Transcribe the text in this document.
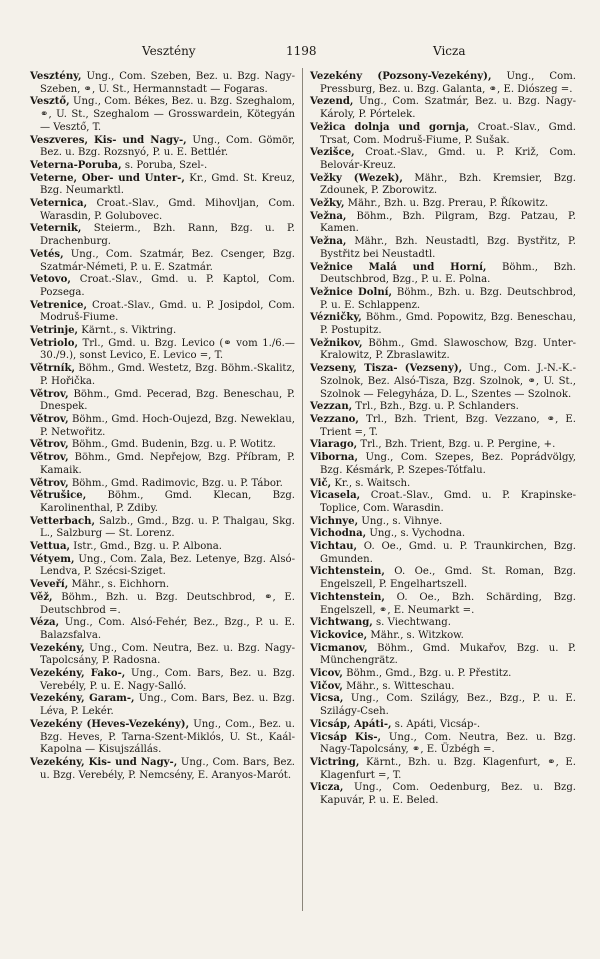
Vesztény	1198	Vicza

Vesztény, Ung., Com. Szeben, Bez. u. Bzg. Nagy-Szeben, ⚭, U. St., Hermannstadt — Fogaras.

Vesztő, Ung., Com. Békes, Bez. u. Bzg. Szeghalom, ⚭, U. St., Szeghalom — Grosswardein, Kötegyán — Vesztő, T.

Veszveres, Kis- und Nagy-, Ung., Com. Gömör, Bez. u. Bzg. Rozsnyó, P. u. E. Bettlér.

Veterna-Poruba, s. Poruba, Szel-.

Veterne, Ober- und Unter-, Kr., Gmd. St. Kreuz, Bzg. Neumarktl.

Veternica, Croat.-Slav., Gmd. Mihovljan, Com. Warasdin, P. Golubovec.

Veternik, Steierm., Bzh. Rann, Bzg. u. P. Drachenburg.

Vetés, Ung., Com. Szatmár, Bez. Csenger, Bzg. Szatmár-Németi, P. u. E. Szatmár.

Vetovo, Croat.-Slav., Gmd. u. P. Kaptol, Com. Pozsega.

Vetrenice, Croat.-Slav., Gmd. u. P. Josipdol, Com. Modruš-Fiume.

Vetrinje, Kärnt., s. Viktring.

Vetriolo, Trl., Gmd. u. Bzg. Levico (⚭ vom 1./6.—30./9.), sonst Levico, E. Levico =, T.

Větrník, Böhm., Gmd. Westetz, Bzg. Böhm.-Skalitz, P. Hořička.

Větrov, Böhm., Gmd. Pecerad, Bzg. Beneschau, P. Dnespek.

Větrov, Böhm., Gmd. Hoch-Oujezd, Bzg. Neweklau, P. Netwořitz.

Větrov, Böhm., Gmd. Budenin, Bzg. u. P. Wotitz.

Větrov, Böhm., Gmd. Nepřejow, Bzg. Příbram, P. Kamaik.

Větrov, Böhm., Gmd. Radimovic, Bzg. u. P. Tábor.

Větrušice, Böhm., Gmd. Klecan, Bzg. Karolinenthal, P. Zdiby.

Vetterbach, Salzb., Gmd., Bzg. u. P. Thalgau, Skg. L., Salzburg — St. Lorenz.

Vettua, Istr., Gmd., Bzg. u. P. Albona.

Vétyem, Ung., Com. Zala, Bez. Letenye, Bzg. Alsó-Lendva, P. Szécsi-Sziget.

Veveří, Mähr., s. Eichhorn.

Věž, Böhm., Bzh. u. Bzg. Deutschbrod, ⚭, E. Deutschbrod =.

Véza, Ung., Com. Alsó-Fehér, Bez., Bzg., P. u. E. Balazsfalva.

Vezekény, Ung., Com. Neutra, Bez. u. Bzg. Nagy-Tapolcsány, P. Radosna.

Vezekény, Fako-, Ung., Com. Bars, Bez. u. Bzg. Verebély, P. u. E. Nagy-Salló.

Vezekény, Garam-, Ung., Com. Bars, Bez. u. Bzg. Léva, P. Lekér.

Vezekény (Heves-Vezekény), Ung., Com., Bez. u. Bzg. Heves, P. Tarna-Szent-Miklós, U. St., Kaál-Kapolna — Kisujszállás.

Vezekény, Kis- und Nagy-, Ung., Com. Bars, Bez. u. Bzg. Verebély, P. Nemcsény, E. Aranyos-Marót.

Vezekény (Pozsony-Vezekény), Ung., Com. Pressburg, Bez. u. Bzg. Galanta, ⚭, E. Diószeg =.

Vezend, Ung., Com. Szatmár, Bez. u. Bzg. Nagy-Károly, P. Pórtelek.

Vežica dolnja und gornja, Croat.-Slav., Gmd. Trsat, Com. Modruš-Fiume, P. Sušak.

Vezišce, Croat.-Slav., Gmd. u. P. Križ, Com. Belovár-Kreuz.

Vežky (Wezek), Mähr., Bzh. Kremsier, Bzg. Zdounek, P. Zborowitz.

Vežky, Mähr., Bzh. u. Bzg. Prerau, P. Říkowitz.

Vežna, Böhm., Bzh. Pilgram, Bzg. Patzau, P. Kamen.

Vežna, Mähr., Bzh. Neustadtl, Bzg. Bystřitz, P. Bystřitz bei Neustadtl.

Vežnice Malá und Horní, Böhm., Bzh. Deutschbrod, Bzg., P. u. E. Polna.

Vežnice Dolní, Böhm., Bzh. u. Bzg. Deutschbrod, P. u. E. Schlappenz.

Vézničky, Böhm., Gmd. Popowitz, Bzg. Beneschau, P. Postupitz.

Vežnikov, Böhm., Gmd. Slawoschow, Bzg. Unter-Kralowitz, P. Zbraslawitz.

Vezseny, Tisza- (Vezseny), Ung., Com. J.-N.-K.-Szolnok, Bez. Alsó-Tisza, Bzg. Szolnok, ⚭, U. St., Szolnok — Felegyháza, D. L., Szentes — Szolnok.

Vezzan, Trl., Bzh., Bzg. u. P. Schlanders.

Vezzano, Trl., Bzh. Trient, Bzg. Vezzano, ⚭, E. Trient =, T.

Viarago, Trl., Bzh. Trient, Bzg. u. P. Pergine, +.

Viborna, Ung., Com. Szepes, Bez. Poprádvölgy, Bzg. Késmárk, P. Szepes-Tótfalu.

Vič, Kr., s. Waitsch.

Vicasela, Croat.-Slav., Gmd. u. P. Krapinske-Toplice, Com. Warasdin.

Vichnye, Ung., s. Vihnye.

Vichodna, Ung., s. Vychodna.

Vichtau, O. Oe., Gmd. u. P. Traunkirchen, Bzg. Gmunden.

Vichtenstein, O. Oe., Gmd. St. Roman, Bzg. Engelszell, P. Engelhartszell.

Vichtenstein, O. Oe., Bzh. Schärding, Bzg. Engelszell, ⚭, E. Neumarkt =.

Vichtwang, s. Viechtwang.

Vickovice, Mähr., s. Witzkow.

Vicmanov, Böhm., Gmd. Mukařov, Bzg. u. P. Münchengrätz.

Vicov, Böhm., Gmd., Bzg. u. P. Přestitz.

Vičov, Mähr., s. Witteschau.

Vicsa, Ung., Com. Szilágy, Bez., Bzg., P. u. E. Szilágy-Cseh.

Vicsáp, Apáti-, s. Apáti, Vicsáp-.

Vicsáp Kis-, Ung., Com. Neutra, Bez. u. Bzg. Nagy-Tapolcsány, ⚭, E. Üzbégh =.

Victring, Kärnt., Bzh. u. Bzg. Klagenfurt, ⚭, E. Klagenfurt =, T.

Vicza, Ung., Com. Oedenburg, Bez. u. Bzg. Kapuvár, P. u. E. Beled.
